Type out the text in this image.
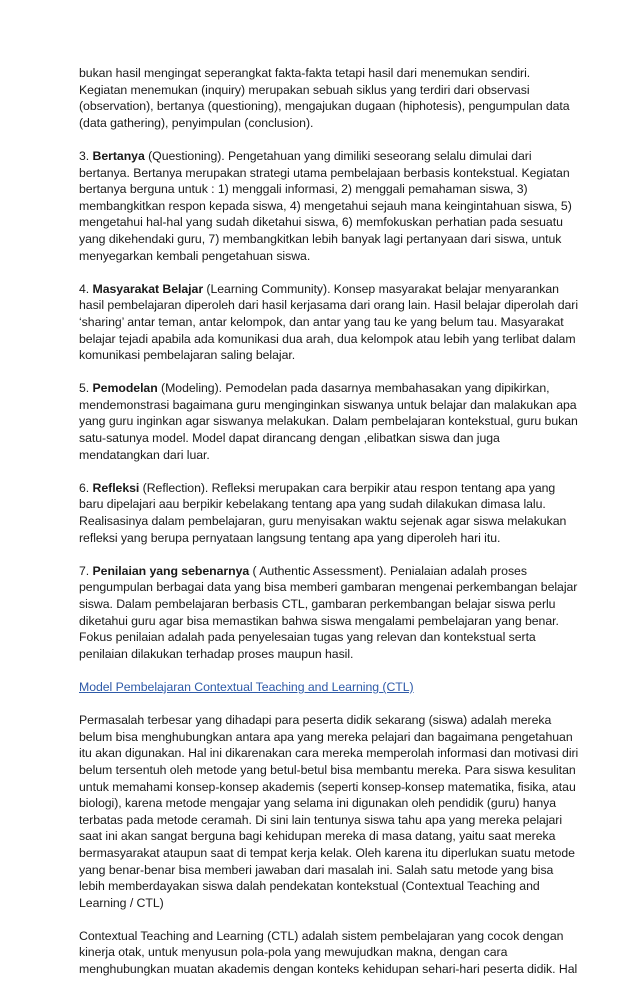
bukan hasil mengingat seperangkat fakta-fakta tetapi hasil dari menemukan sendiri.
Kegiatan menemukan (inquiry) merupakan sebuah siklus yang terdiri dari observasi
(observation), bertanya (questioning), mengajukan dugaan (hiphotesis), pengumpulan data
(data gathering), penyimpulan (conclusion).

3. Bertanya (Questioning). Pengetahuan yang dimiliki seseorang selalu dimulai dari
bertanya. Bertanya merupakan strategi utama pembelajaan berbasis kontekstual. Kegiatan
bertanya berguna untuk : 1) menggali informasi, 2) menggali pemahaman siswa, 3)
membangkitkan respon kepada siswa, 4) mengetahui sejauh mana keingintahuan siswa, 5)
mengetahui hal-hal yang sudah diketahui siswa, 6) memfokuskan perhatian pada sesuatu
yang dikehendaki guru, 7) membangkitkan lebih banyak lagi pertanyaan dari siswa, untuk
menyegarkan kembali pengetahuan siswa.

4. Masyarakat Belajar (Learning Community). Konsep masyarakat belajar menyarankan
hasil pembelajaran diperoleh dari hasil kerjasama dari orang lain. Hasil belajar diperolah dari
‘sharing’ antar teman, antar kelompok, dan antar yang tau ke yang belum tau. Masyarakat
belajar tejadi apabila ada komunikasi dua arah, dua kelompok atau lebih yang terlibat dalam
komunikasi pembelajaran saling belajar.

5. Pemodelan (Modeling). Pemodelan pada dasarnya membahasakan yang dipikirkan,
mendemonstrasi bagaimana guru menginginkan siswanya untuk belajar dan malakukan apa
yang guru inginkan agar siswanya melakukan. Dalam pembelajaran kontekstual, guru bukan
satu-satunya model. Model dapat dirancang dengan ,elibatkan siswa dan juga
mendatangkan dari luar.

6. Refleksi (Reflection). Refleksi merupakan cara berpikir atau respon tentang apa yang
baru dipelajari aau berpikir kebelakang tentang apa yang sudah dilakukan dimasa lalu.
Realisasinya dalam pembelajaran, guru menyisakan waktu sejenak agar siswa melakukan
refleksi yang berupa pernyataan langsung tentang apa yang diperoleh hari itu.

7. Penilaian yang sebenarnya ( Authentic Assessment). Penialaian adalah proses
pengumpulan berbagai data yang bisa memberi gambaran mengenai perkembangan belajar
siswa. Dalam pembelajaran berbasis CTL, gambaran perkembangan belajar siswa perlu
diketahui guru agar bisa memastikan bahwa siswa mengalami pembelajaran yang benar.
Fokus penilaian adalah pada penyelesaian tugas yang relevan dan kontekstual serta
penilaian dilakukan terhadap proses maupun hasil.

Model Pembelajaran Contextual Teaching and Learning (CTL)

Permasalah terbesar yang dihadapi para peserta didik sekarang (siswa) adalah mereka
belum bisa menghubungkan antara apa yang mereka pelajari dan bagaimana pengetahuan
itu akan digunakan. Hal ini dikarenakan cara mereka memperolah informasi dan motivasi diri
belum tersentuh oleh metode yang betul-betul bisa membantu mereka. Para siswa kesulitan
untuk memahami konsep-konsep akademis (seperti konsep-konsep matematika, fisika, atau
biologi), karena metode mengajar yang selama ini digunakan oleh pendidik (guru) hanya
terbatas pada metode ceramah. Di sini lain tentunya siswa tahu apa yang mereka pelajari
saat ini akan sangat berguna bagi kehidupan mereka di masa datang, yaitu saat mereka
bermasyarakat ataupun saat di tempat kerja kelak. Oleh karena itu diperlukan suatu metode
yang benar-benar bisa memberi jawaban dari masalah ini. Salah satu metode yang bisa
lebih memberdayakan siswa dalah pendekatan kontekstual (Contextual Teaching and
Learning / CTL)

Contextual Teaching and Learning (CTL) adalah sistem pembelajaran yang cocok dengan
kinerja otak, untuk menyusun pola-pola yang mewujudkan makna, dengan cara
menghubungkan muatan akademis dengan konteks kehidupan sehari-hari peserta didik. Hal
